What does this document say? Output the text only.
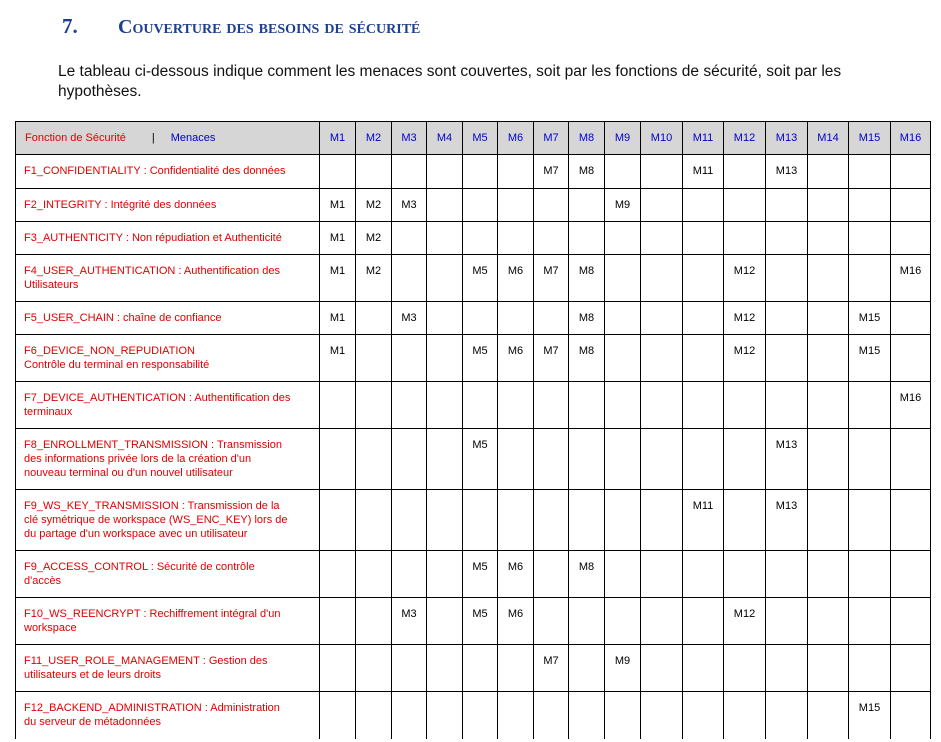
7. Couverture des besoins de sécurité
Le tableau ci-dessous indique comment les menaces sont couvertes, soit par les fonctions de sécurité, soit par les hypothèses.
Fonction de Sécurité | Menaces	M1	M2	M3	M4	M5	M6	M7	M8	M9	M10	M11	M12	M13	M14	M15	M16

F1_CONFIDENTIALITY : Confidentialité des données							M7	M8			M11		M13			

F2_INTEGRITY : Intégrité des données	M1	M2	M3						M9							

F3_AUTHENTICITY : Non répudiation et Authenticité	M1	M2														

F4_USER_AUTHENTICATION : Authentification des
Utilisateurs	M1	M2			M5	M6	M7	M8				M12				M16

F5_USER_CHAIN : chaîne de confiance	M1		M3					M8				M12			M15	

F6_DEVICE_NON_REPUDIATION
Contrôle du terminal en responsabilité	M1				M5	M6	M7	M8				M12			M15	

F7_DEVICE_AUTHENTICATION : Authentification des
terminaux																M16

F8_ENROLLMENT_TRANSMISSION : Transmission
des informations privée lors de la création d'un
nouveau terminal ou d'un nouvel utilisateur					M5								M13			

F9_WS_KEY_TRANSMISSION : Transmission de la
clé symétrique de workspace (WS_ENC_KEY) lors de
du partage d'un workspace avec un utilisateur											M11		M13			

F9_ACCESS_CONTROL : Sécurité de contrôle
d'accès					M5	M6		M8								

F10_WS_REENCRYPT : Rechiffrement intégral d'un
workspace			M3		M5	M6						M12				

F11_USER_ROLE_MANAGEMENT : Gestion des
utilisateurs et de leurs droits							M7		M9							

F12_BACKEND_ADMINISTRATION : Administration
du serveur de métadonnées															M15	
